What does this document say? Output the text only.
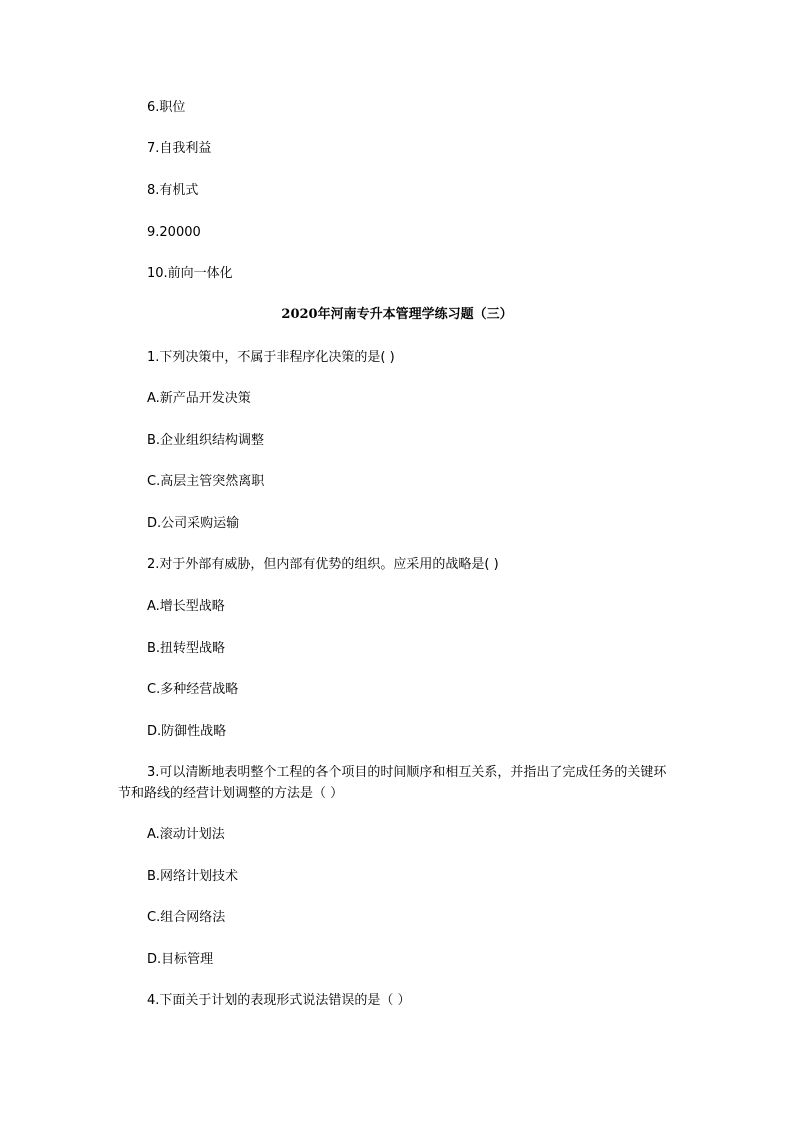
6.职位
7.自我利益
8.有机式
9.20000
10.前向一体化
2020年河南专升本管理学练习题（三）
1.下列决策中，不属于非程序化决策的是( )
A.新产品开发决策
B.企业组织结构调整
C.高层主管突然离职
D.公司采购运输
2.对于外部有威胁，但内部有优势的组织。应采用的战略是( )
A.增长型战略
B.扭转型战略
C.多种经营战略
D.防御性战略
3.可以清断地表明整个工程的各个项目的时间顺序和相互关系，并指出了完成任务的关键环节和路线的经营计划调整的方法是（ ）
A.滚动计划法
B.网络计划技术
C.组合网络法
D.目标管理
4.下面关于计划的表现形式说法错误的是（ ）
